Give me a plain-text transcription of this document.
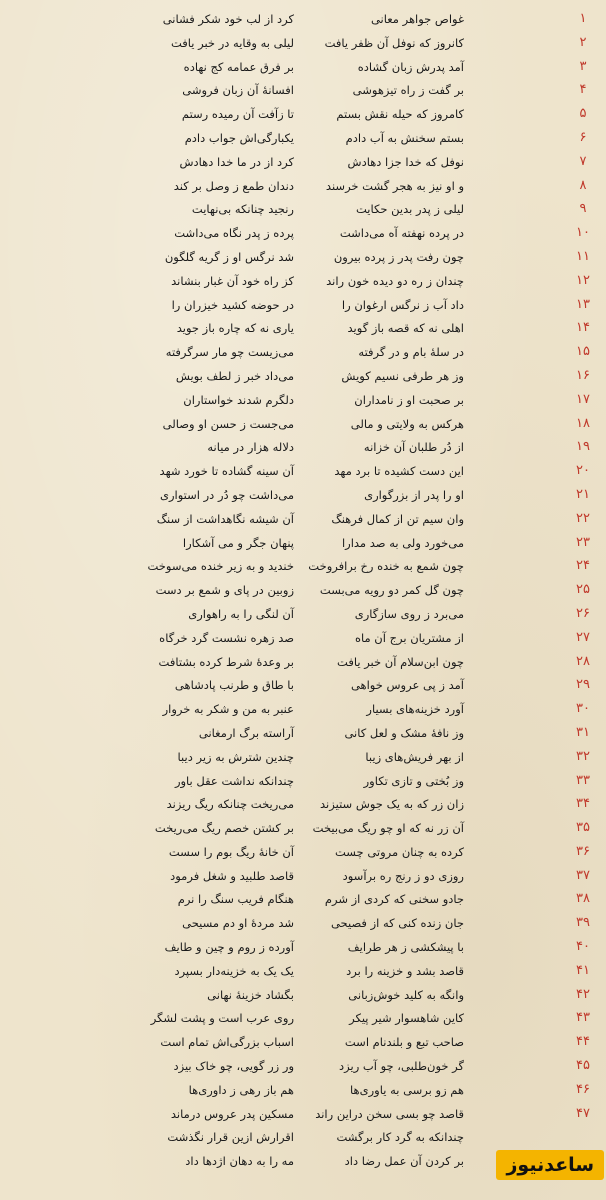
۱
غواص جواهر معانی
کرد از لب خود شکر فشانی
۲
کانروز که نوفل آن ظفر یافت
لیلی به وقایه در خبر یافت
۳
آمد پدرش زبان گشاده
بر فرق عمامه کج نهاده
۴
بر گفت ز راه تیزهوشی
افسانهٔ آن زبان فروشی
۵
کامروز که حیله نقش بستم
تا زآفت آن رمیده رستم
۶
بستم سخنش به آب دادم
یکبارگی‌اش جواب دادم
۷
نوفل که خدا جزا دهادش
کرد از در ما خدا دهادش
۸
و او نیز به هجر گشت خرسند
دندان طمع ز وصل بر کند
۹
لیلی ز پدر بدین حکایت
رنجید چنانکه بی‌نهایت
۱۰
در پرده نهفته آه می‌داشت
پرده ز پدر نگاه می‌داشت
۱۱
چون رفت پدر ز پرده بیرون
شد نرگس او ز گریه گلگون
۱۲
چندان ز ره دو دیده خون راند
کز راه خود آن غبار بنشاند
۱۳
داد آب ز نرگس ارغوان را
در حوضه کشید خیزران را
۱۴
اهلی نه که قصه باز گوید
یاری نه که چاره باز جوید
۱۵
در سلهٔ بام و در گرفته
می‌زیست چو مار سرگرفته
۱۶
وز هر طرفی نسیم کویش
می‌داد خبر ز لطف بویش
۱۷
بر صحبت او ز نامداران
دلگرم شدند خواستاران
۱۸
هرکس به ولایتی و مالی
می‌جست ز حسن او وصالی
۱۹
از دُر طلبان آن خزانه
دلاله هزار در میانه
۲۰
این دست کشیده تا برد مهد
آن سینه گشاده تا خورد شهد
۲۱
او را پدر از بزرگواری
می‌داشت چو دُر در استواری
۲۲
وان سیم تن از کمال فرهنگ
آن شیشه نگاهداشت از سنگ
۲۳
می‌خورد ولی به صد مدارا
پنهان جگر و می آشکارا
۲۴
چون شمع به خنده رخ برافروخت
خندید و به زیر خنده می‌سوخت
۲۵
چون گل کمر دو رویه می‌بست
زوبین در پای و شمع بر دست
۲۶
می‌برد ز روی سازگاری
آن لنگی را به راهواری
۲۷
از مشتریان برج آن ماه
صد زهره نشست گرد خرگاه
۲۸
چون ابن‌سلام آن خبر یافت
بر وعدهٔ شرط کرده بشتافت
۲۹
آمد ز پی عروس خواهی
با طاق و طرنب پادشاهی
۳۰
آورد خزینه‌های بسیار
عنبر به من و شکر به خروار
۳۱
وز نافهٔ مشک و لعل کانی
آراسته برگ ارمغانی
۳۲
از بهر فریش‌های زیبا
چندین شترش به زیر دیبا
۳۳
وز بُختی و تازی تکاور
چندانکه نداشت عقل باور
۳۴
زان زر که به یک جوش ستیزند
می‌ریخت چنانکه ریگ ریزند
۳۵
آن زر نه که او چو ریگ می‌بیخت
بر کشتن خصم ریگ می‌ریخت
۳۶
کرده به چنان مروتی چست
آن خانهٔ ریگ بوم را سست
۳۷
روزی دو ز رنج ره برآسود
قاصد طلبید و شغل فرمود
۳۸
جادو سخنی که کردی از شرم
هنگام فریب سنگ را نرم
۳۹
جان زنده کنی که از فصیحی
شد مردهٔ او دم مسیحی
۴۰
با پیشکشی ز هر طرایف
آورده ز روم و چین و طایف
۴۱
قاصد بشد و خزینه را برد
یک یک به خزینه‌دار بسپرد
۴۲
وانگه به کلید خوش‌زبانی
بگشاد خزینهٔ نهانی
۴۳
کاین شاهسوار شیر پیکر
روی عرب است و پشت لشگر
۴۴
صاحب تبع و بلندنام است
اسباب بزرگی‌اش تمام است
۴۵
گر خون‌طلبی، چو آب ریزد
ور زر گویی، چو خاک بیزد
۴۶
هم زو برسی به یاوری‌ها
هم باز رهی ز داوری‌ها
۴۷
قاصد چو بسی سخن دراین راند
مسکین پدر عروس درماند
چندانکه به گرد کار برگشت
اقرارش ازین قرار نگذشت
بر کردن آن عمل رضا داد
مه را به دهان اژدها داد	ساعدنیوز
